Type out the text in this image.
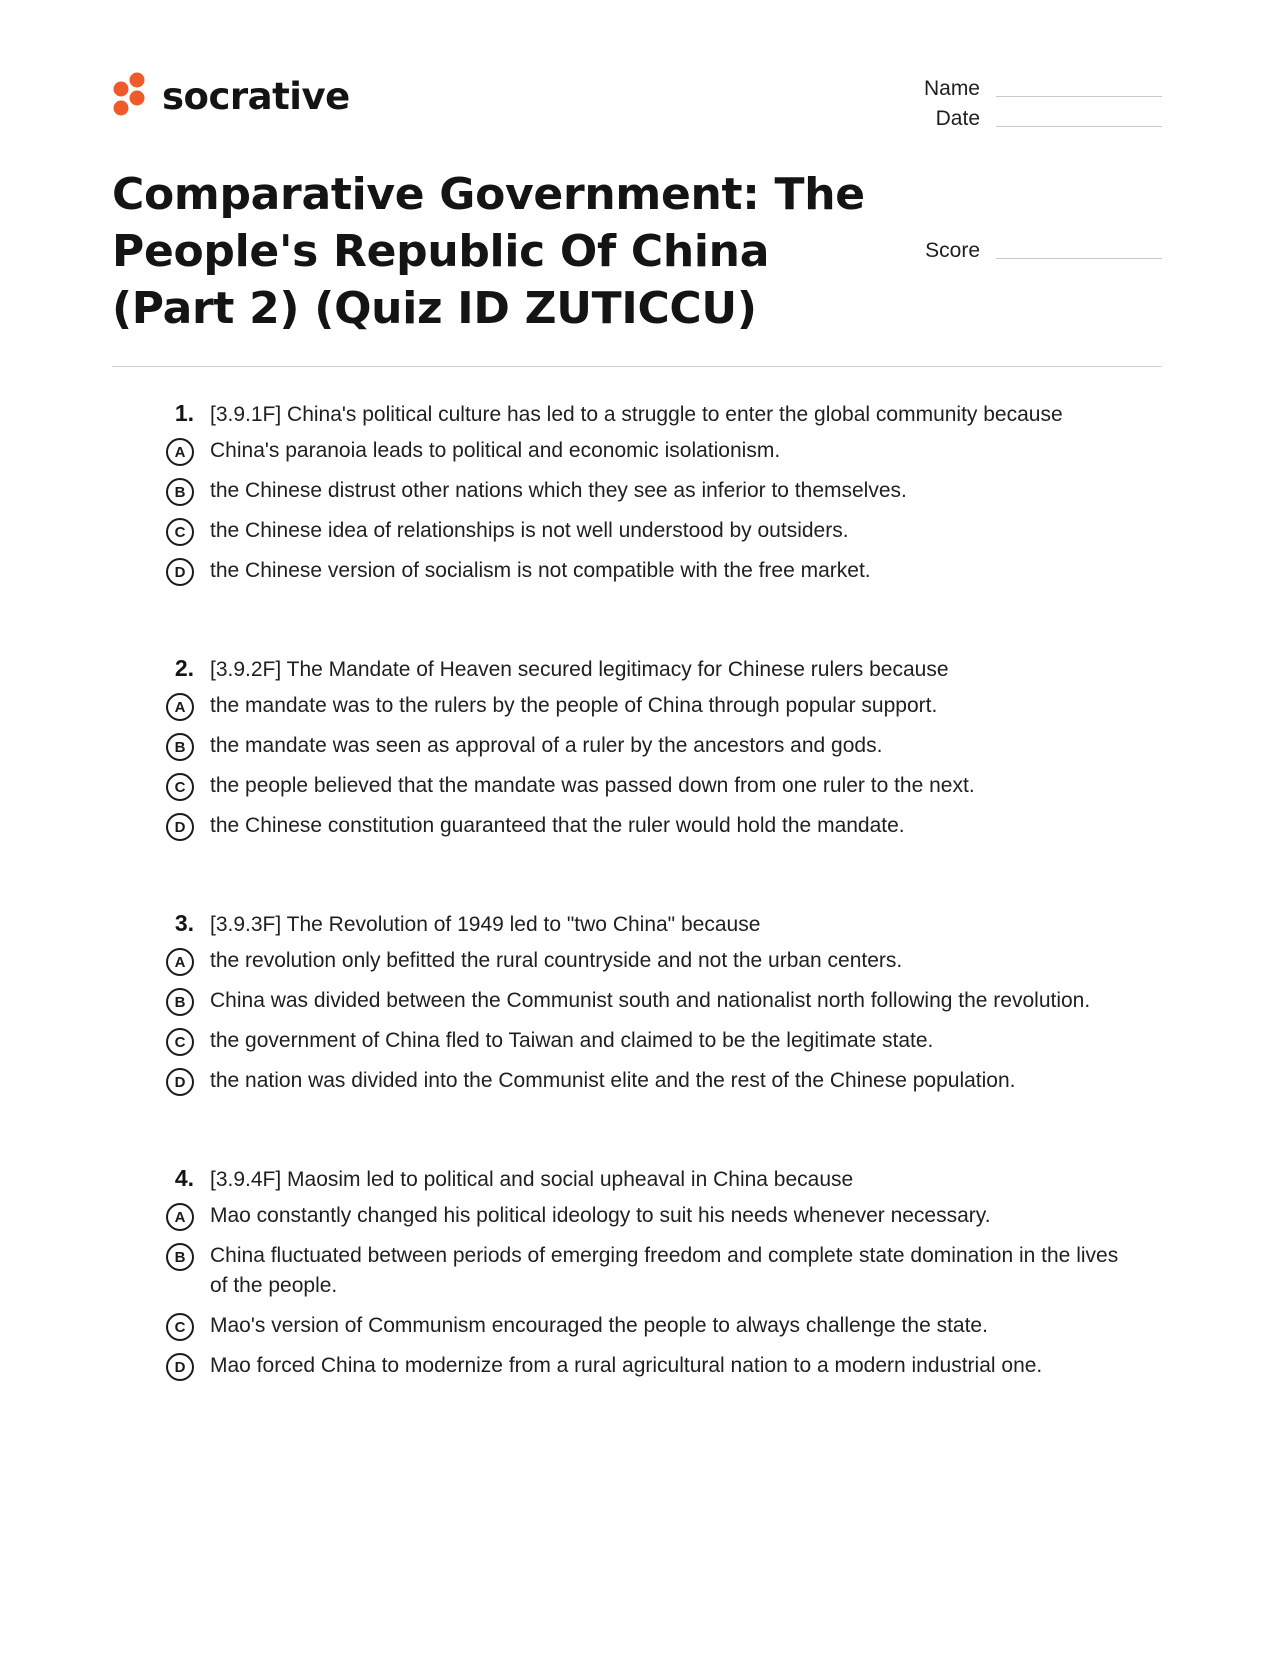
socrative	Name
Date
Score
Comparative Government: The People's Republic Of China (Part 2) (Quiz ID ZUTICCU)
1. [3.9.1F] China's political culture has led to a struggle to enter the global community because
A	China's paranoia leads to political and economic isolationism.
B	the Chinese distrust other nations which they see as inferior to themselves.
C	the Chinese idea of relationships is not well understood by outsiders.
D	the Chinese version of socialism is not compatible with the free market.
2. [3.9.2F] The Mandate of Heaven secured legitimacy for Chinese rulers because
A	the mandate was to the rulers by the people of China through popular support.
B	the mandate was seen as approval of a ruler by the ancestors and gods.
C	the people believed that the mandate was passed down from one ruler to the next.
D	the Chinese constitution guaranteed that the ruler would hold the mandate.
3. [3.9.3F] The Revolution of 1949 led to "two China" because
A	the revolution only befitted the rural countryside and not the urban centers.
B	China was divided between the Communist south and nationalist north following the revolution.
C	the government of China fled to Taiwan and claimed to be the legitimate state.
D	the nation was divided into the Communist elite and the rest of the Chinese population.
4. [3.9.4F] Maosim led to political and social upheaval in China because
A	Mao constantly changed his political ideology to suit his needs whenever necessary.
B	China fluctuated between periods of emerging freedom and complete state domination in the lives of the people.
C	Mao's version of Communism encouraged the people to always challenge the state.
D	Mao forced China to modernize from a rural agricultural nation to a modern industrial one.
